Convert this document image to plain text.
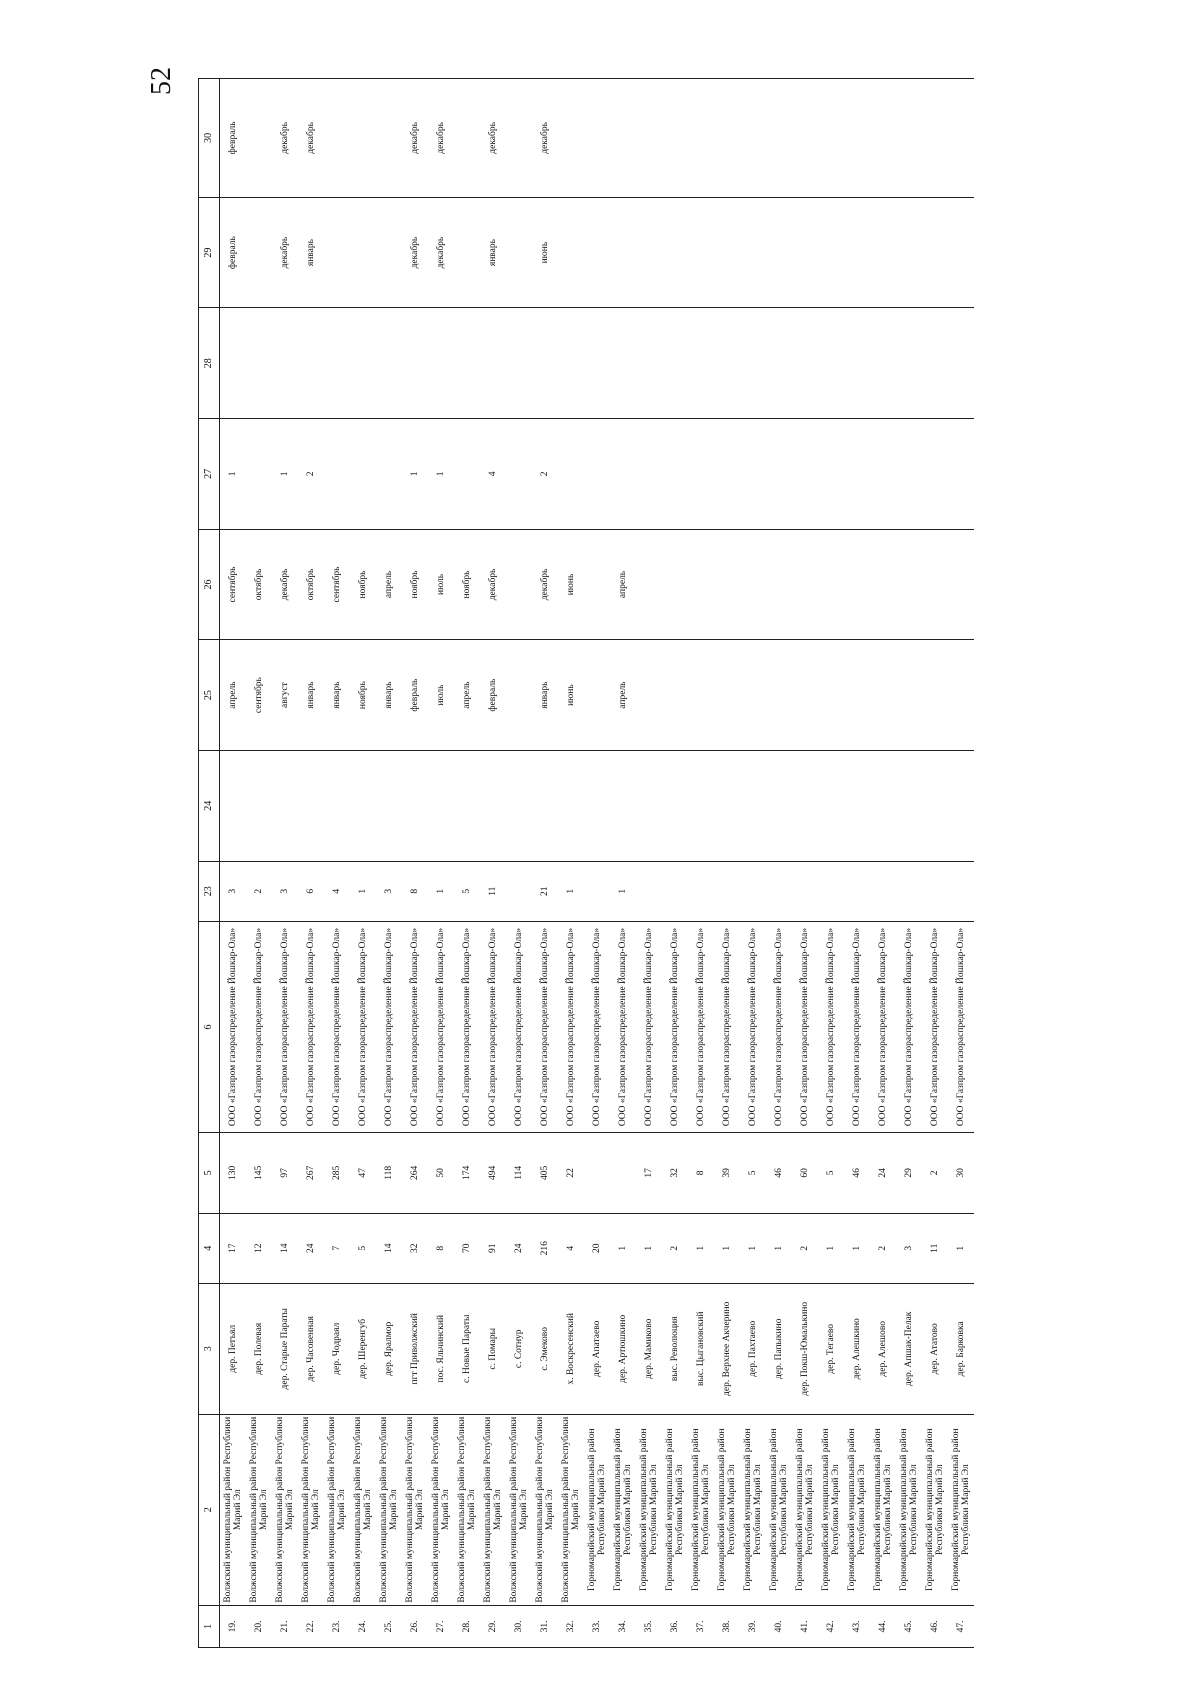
52
1	2	3	4	5	6	23	24	25	26	27	28	29	30
19.	Волжский муниципальный район Республики Марий Эл	дер. Петъял	17	130	ООО «Газпром газораспределение Йошкар-Ола»	3		апрель	сентябрь	1		февраль	февраль
20.	Волжский муниципальный район Республики Марий Эл	дер. Полевая	12	145	ООО «Газпром газораспределение Йошкар-Ола»	2		сентябрь	октябрь				
21.	Волжский муниципальный район Республики Марий Эл	дер. Старые Параты	14	97	ООО «Газпром газораспределение Йошкар-Ола»	3		август	декабрь	1		декабрь	декабрь
22.	Волжский муниципальный район Республики Марий Эл	дер. Часовенная	24	267	ООО «Газпром газораспределение Йошкар-Ола»	6		январь	октябрь	2		январь	декабрь
23.	Волжский муниципальный район Республики Марий Эл	дер. Чодраял	7	285	ООО «Газпром газораспределение Йошкар-Ола»	4		январь	сентябрь				
24.	Волжский муниципальный район Республики Марий Эл	дер. Шеренгуб	5	47	ООО «Газпром газораспределение Йошкар-Ола»	1		ноябрь	ноябрь				
25.	Волжский муниципальный район Республики Марий Эл	дер. Яралмор	14	118	ООО «Газпром газораспределение Йошкар-Ола»	3		январь	апрель				
26.	Волжский муниципальный район Республики Марий Эл	пгт Приволжский	32	264	ООО «Газпром газораспределение Йошкар-Ола»	8		февраль	ноябрь	1		декабрь	декабрь
27.	Волжский муниципальный район Республики Марий Эл	пос. Яльчинский	8	50	ООО «Газпром газораспределение Йошкар-Ола»	1		июль	июль	1		декабрь	декабрь
28.	Волжский муниципальный район Республики Марий Эл	с. Новые Параты	70	174	ООО «Газпром газораспределение Йошкар-Ола»	5		апрель	ноябрь				
29.	Волжский муниципальный район Республики Марий Эл	с. Помары	91	494	ООО «Газпром газораспределение Йошкар-Ола»	11		февраль	декабрь	4		январь	декабрь
30.	Волжский муниципальный район Республики Марий Эл	с. Сотнур	24	114	ООО «Газпром газораспределение Йошкар-Ола»								
31.	Волжский муниципальный район Республики Марий Эл	с. Эмеково	216	405	ООО «Газпром газораспределение Йошкар-Ола»	21		январь	декабрь	2		июнь	декабрь
32.	Волжский муниципальный район Республики Марий Эл	х. Воскресенский	4	22	ООО «Газпром газораспределение Йошкар-Ола»	1		июнь	июнь				
33.	Горномарийский муниципальный район Республики Марий Эл	дер. Апатаево	20		ООО «Газпром газораспределение Йошкар-Ола»								
34.	Горномарийский муниципальный район Республики Марий Эл	дер. Артюшкино	1		ООО «Газпром газораспределение Йошкар-Ола»	1		апрель	апрель				
35.	Горномарийский муниципальный район Республики Марий Эл	дер. Мамиково	1	17	ООО «Газпром газораспределение Йошкар-Ола»								
36.	Горномарийский муниципальный район Республики Марий Эл	выс. Революция	2	32	ООО «Газпром газораспределение Йошкар-Ола»								
37.	Горномарийский муниципальный район Республики Марий Эл	выс. Цыгановский	1	8	ООО «Газпром газораспределение Йошкар-Ола»								
38.	Горномарийский муниципальный район Республики Марий Эл	дер. Верхнее Акчерино	1	39	ООО «Газпром газораспределение Йошкар-Ола»								
39.	Горномарийский муниципальный район Республики Марий Эл	дер. Пахтаево	1	5	ООО «Газпром газораспределение Йошкар-Ола»								
40.	Горномарийский муниципальный район Республики Марий Эл	дер. Папыкино	1	46	ООО «Газпром газораспределение Йошкар-Ола»								
41.	Горномарийский муниципальный район Республики Марий Эл	дер. Покш-Юмалькино	2	60	ООО «Газпром газораспределение Йошкар-Ола»								
42.	Горномарийский муниципальный район Республики Марий Эл	дер. Тегаево	1	5	ООО «Газпром газораспределение Йошкар-Ола»								
43.	Горномарийский муниципальный район Республики Марий Эл	дер. Алешкино	1	46	ООО «Газпром газораспределение Йошкар-Ола»								
44.	Горномарийский муниципальный район Республики Марий Эл	дер. Алешово	2	24	ООО «Газпром газораспределение Йошкар-Ола»								
45.	Горномарийский муниципальный район Республики Марий Эл	дер. Апшак-Пелак	3	29	ООО «Газпром газораспределение Йошкар-Ола»								
46.	Горномарийский муниципальный район Республики Марий Эл	дер. Ататово	11	2	ООО «Газпром газораспределение Йошкар-Ола»								
47.	Горномарийский муниципальный район Республики Марий Эл	дер. Барковка	1	30	ООО «Газпром газораспределение Йошкар-Ола»								
